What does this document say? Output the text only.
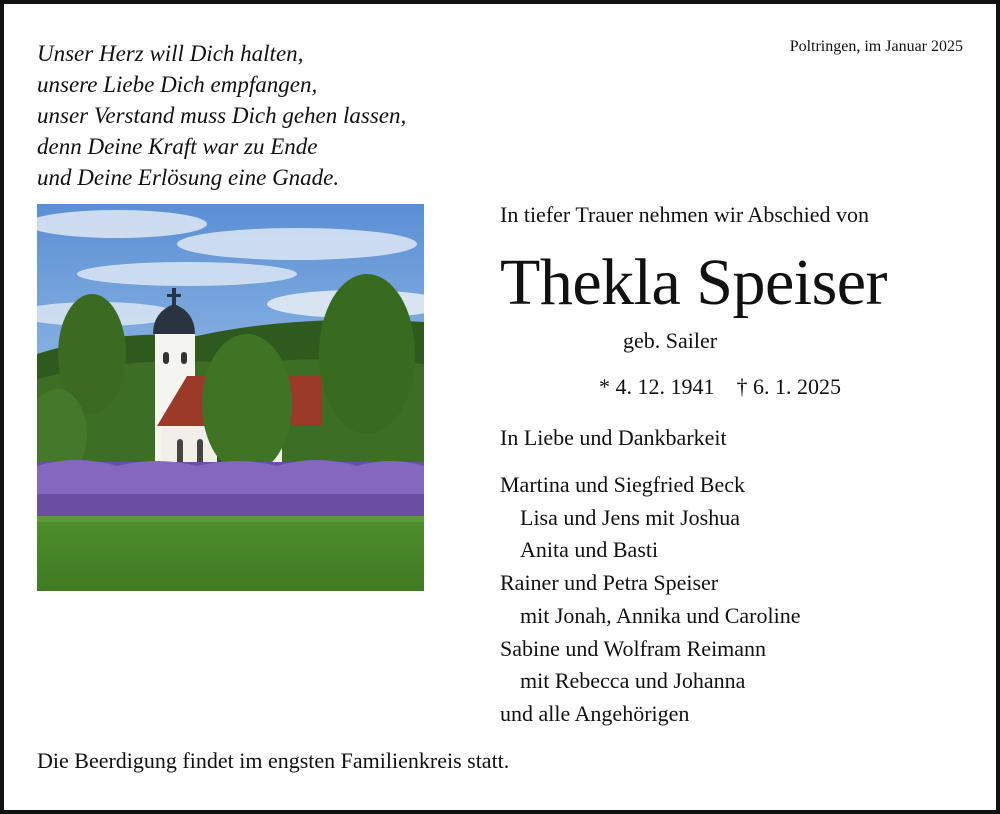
Unser Herz will Dich halten,
unsere Liebe Dich empfangen,
unser Verstand muss Dich gehen lassen,
denn Deine Kraft war zu Ende
und Deine Erlösung eine Gnade.
Poltringen, im Januar 2025
In tiefer Trauer nehmen wir Abschied von
Thekla Speiser
geb. Sailer
* 4. 12. 1941 † 6. 1. 2025
In Liebe und Dankbarkeit
Martina und Siegfried Beck
Lisa und Jens mit Joshua
Anita und Basti
Rainer und Petra Speiser
mit Jonah, Annika und Caroline
Sabine und Wolfram Reimann
mit Rebecca und Johanna
und alle Angehörigen
Die Beerdigung findet im engsten Familienkreis statt.
